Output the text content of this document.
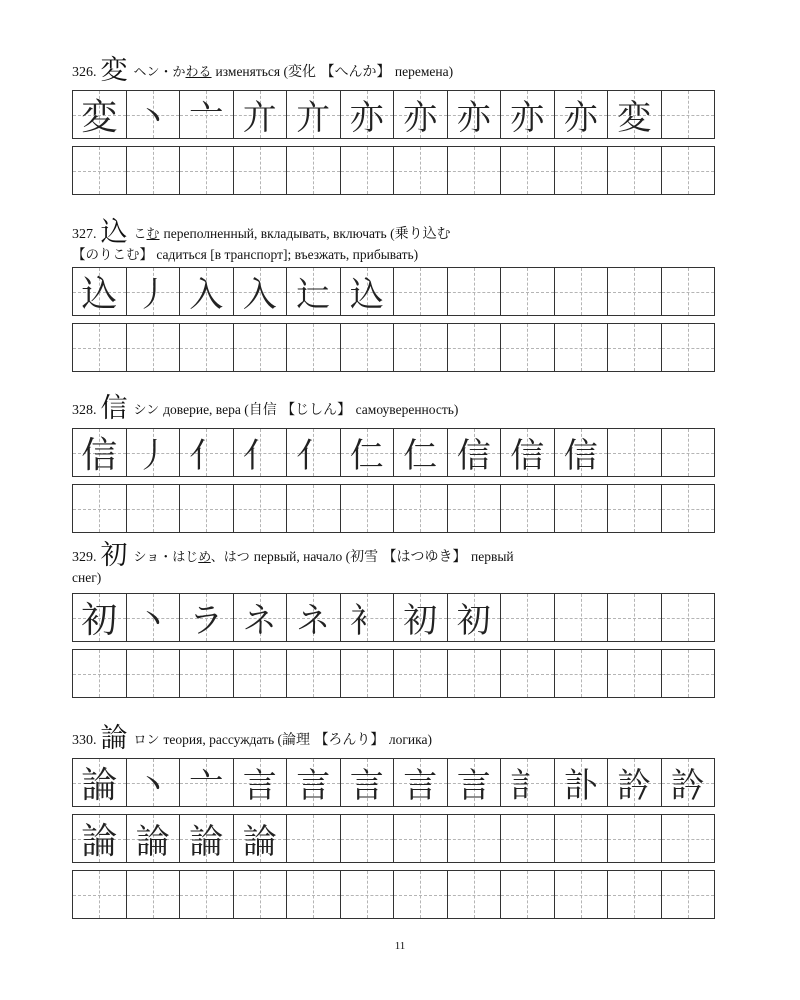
326. 変 ヘン・かわる изменяться (変化 【へんか】 перемена)
変 丶 亠 亣 亣 亦 亦 亦 亦 亦 変
327. 込 こむ переполненный, вкладывать, включать (乗り込む
【のりこむ】 садиться [в транспорт]; въезжать, прибывать)
込 丿 入 入 辷 込
328. 信 シン доверие, вера (自信 【じしん】 самоуверенность)
信 丿 亻 亻 亻 仁 仁 信 信 信
329. 初 ショ・はじめ、はつ первый, начало (初雪 【はつゆき】 первый
снег)
初 丶 ラ ネ ネ 衤 初 初
330. 論 ロン теория, рассуждать (論理 【ろんり】 логика)
論 丶 亠 言 言 言 言 言 訁 訃 訡 訡
論 論 論 論
11
